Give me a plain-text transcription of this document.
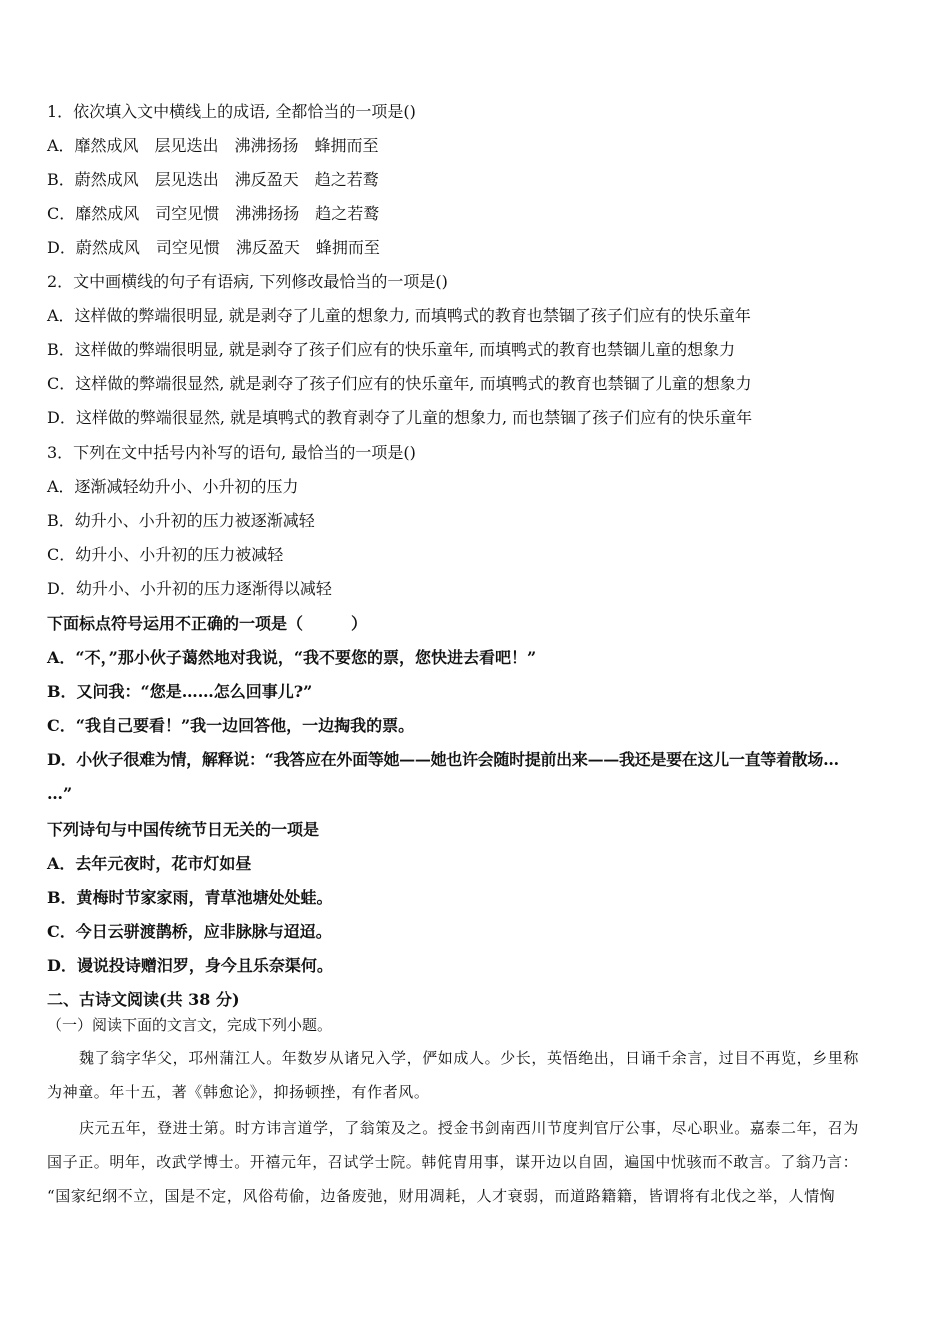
1．依次填入文中横线上的成语, 全都恰当的一项是()
A．靡然成风　层见迭出　沸沸扬扬　蜂拥而至
B．蔚然成风　层见迭出　沸反盈天　趋之若鹜
C．靡然成风　司空见惯　沸沸扬扬　趋之若鹜
D．蔚然成风　司空见惯　沸反盈天　蜂拥而至
2．文中画横线的句子有语病, 下列修改最恰当的一项是()
A．这样做的弊端很明显, 就是剥夺了儿童的想象力, 而填鸭式的教育也禁锢了孩子们应有的快乐童年
B．这样做的弊端很明显, 就是剥夺了孩子们应有的快乐童年, 而填鸭式的教育也禁锢儿童的想象力
C．这样做的弊端很显然, 就是剥夺了孩子们应有的快乐童年, 而填鸭式的教育也禁锢了儿童的想象力
D．这样做的弊端很显然, 就是填鸭式的教育剥夺了儿童的想象力, 而也禁锢了孩子们应有的快乐童年
3．下列在文中括号内补写的语句, 最恰当的一项是()
A．逐渐减轻幼升小、小升初的压力
B．幼升小、小升初的压力被逐渐减轻
C．幼升小、小升初的压力被减轻
D．幼升小、小升初的压力逐渐得以减轻
下面标点符号运用不正确的一项是（　　　）
A．“不，”那小伙子蔼然地对我说，“我不要您的票，您快进去看吧！”
B．又问我：“您是……怎么回事儿?”
C．“我自己要看！”我一边回答他，一边掏我的票。
D．小伙子很难为情，解释说：“我答应在外面等她——她也许会随时提前出来——我还是要在这儿一直等着散场…
…”
下列诗句与中国传统节日无关的一项是
A．去年元夜时，花市灯如昼
B．黄梅时节家家雨，青草池塘处处蛙。
C．今日云骈渡鹊桥，应非脉脉与迢迢。
D．谩说投诗赠汨罗，身今且乐奈渠何。
二、古诗文阅读(共 38 分)
（一）阅读下面的文言文，完成下列小题。
魏了翁字华父，邛州蒲江人。年数岁从诸兄入学，俨如成人。少长，英悟绝出，日诵千余言，过目不再览，乡里称
为神童。年十五，著《韩愈论》，抑扬顿挫，有作者风。
庆元五年，登进士第。时方讳言道学，了翁策及之。授金书剑南西川节度判官厅公事，尽心职业。嘉泰二年，召为
国子正。明年，改武学博士。开禧元年，召试学士院。韩侂胄用事，谋开边以自固，遍国中忧骇而不敢言。了翁乃言：
“国家纪纲不立，国是不定，风俗苟偷，边备废弛，财用凋耗，人才衰弱，而道路籍籍，皆谓将有北伐之举，人情恟
